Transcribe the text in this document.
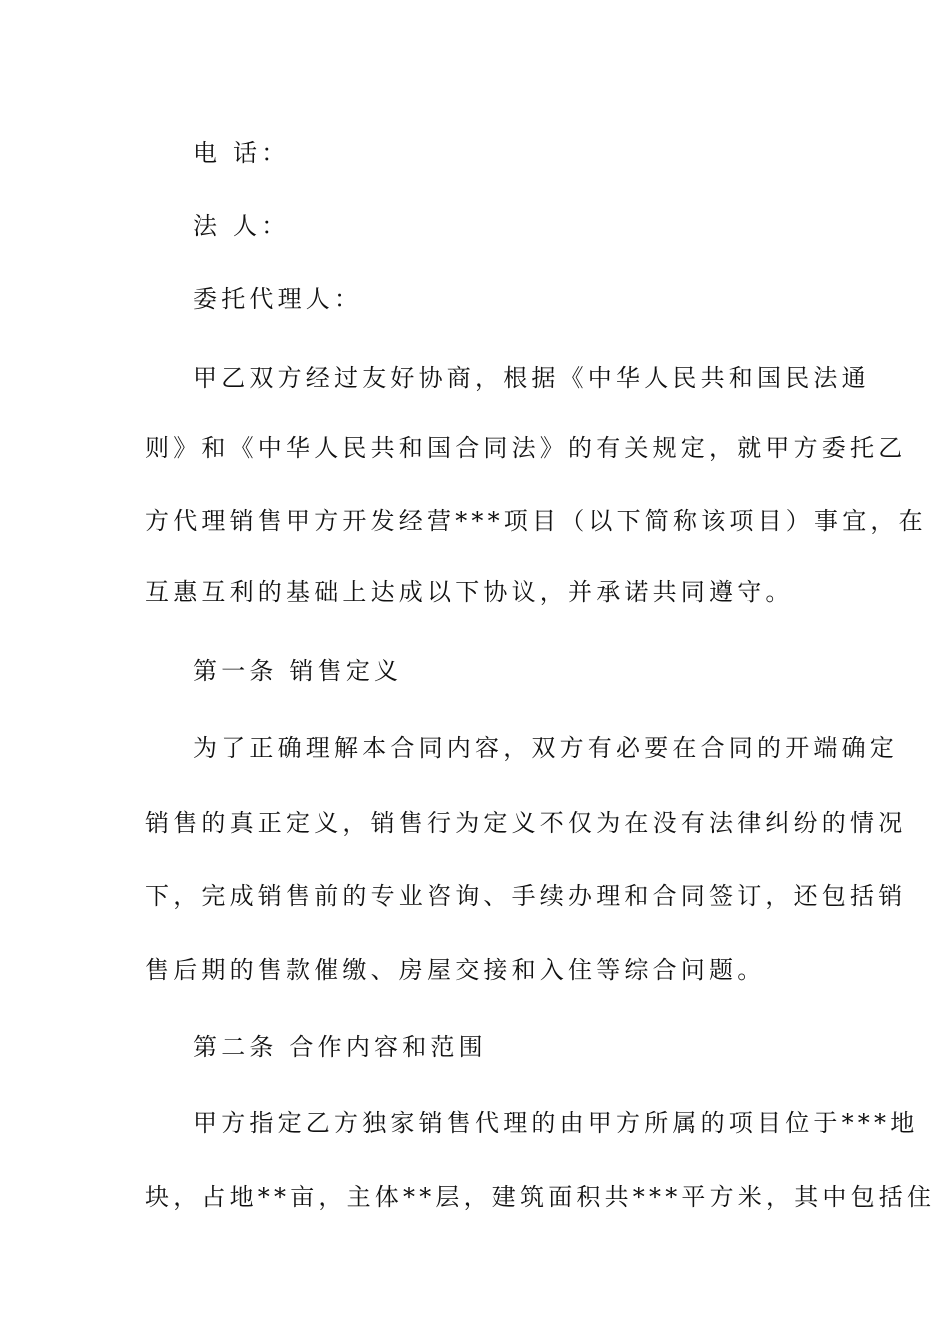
电 话：
法 人：
委托代理人：
甲乙双方经过友好协商，根据《中华人民共和国民法通
则》和《中华人民共和国合同法》的有关规定，就甲方委托乙
方代理销售甲方开发经营***项目（以下简称该项目）事宜，在
互惠互利的基础上达成以下协议，并承诺共同遵守。
第一条 销售定义
为了正确理解本合同内容，双方有必要在合同的开端确定
销售的真正定义，销售行为定义不仅为在没有法律纠纷的情况
下，完成销售前的专业咨询、手续办理和合同签订，还包括销
售后期的售款催缴、房屋交接和入住等综合问题。
第二条 合作内容和范围
甲方指定乙方独家销售代理的由甲方所属的项目位于***地
块，占地**亩，主体**层，建筑面积共***平方米，其中包括住
